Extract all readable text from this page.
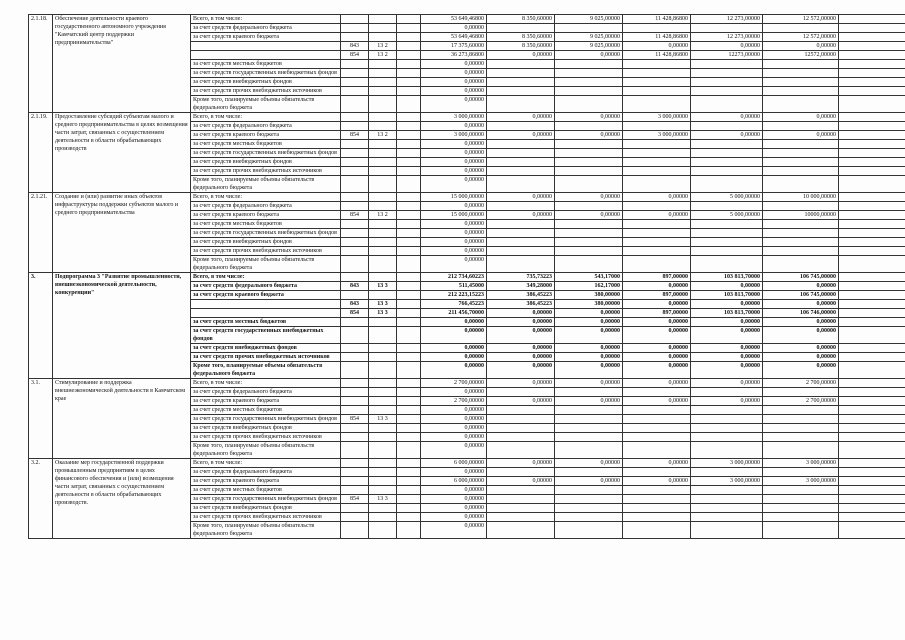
2.1.18.	Обеспечение деятельности краевого государственного автономного учреждения "Камчатский центр поддержки предпринимательства"	Всего, в том числе:				53 649,46800	8 350,60000	9 025,00000	11 428,86800	12 273,00000	12 572,00000	
		за счет средств федерального бюджета				0,00000						
		за счет средств краевого бюджета				53 649,46800	8 350,60000	9 025,00000	11 428,86800	12 273,00000	12 572,00000	
			843	13 2		17 375,60000	8 350,60000	9 025,00000	0,00000	0,00000	0,00000	
			854	13 2		36 273,86800	0,00000	0,00000	11 428,86800	12273,00000	12572,00000	
		за счет средств местных бюджетов				0,00000						
		за счет средств государственных внебюджетных фондов				0,00000						
		за счет средств внебюджетных фондов				0,00000						
		за счет средств прочих внебюджетных источников				0,00000						
		Кроме того, планируемые объемы обязательств федерального бюджета				0,00000						
2.1.19.	Предоставление субсидий субъектам малого и среднего предпринимательства в целях возмещения части затрат, связанных с осуществлением деятельности в области обрабатывающих производств	Всего, в том числе:				3 000,00000	0,00000	0,00000	3 000,00000	0,00000	0,00000	
		за счет средств федерального бюджета				0,00000						
		за счет средств краевого бюджета	854	13 2		3 000,00000	0,00000	0,00000	3 000,00000	0,00000	0,00000	
		за счет средств местных бюджетов				0,00000						
		за счет средств государственных внебюджетных фондов				0,00000						
		за счет средств внебюджетных фондов				0,00000						
		за счет средств прочих внебюджетных источников				0,00000						
		Кроме того, планируемые объемы обязательств федерального бюджета				0,00000						
2.1.21.	Создание и (или) развитие иных объектов инфраструктуры поддержки субъектов малого и среднего предпринимательства	Всего, в том числе:				15 000,00000	0,00000	0,00000	0,00000	5 000,00000	10 000,00000	
		за счет средств федерального бюджета				0,00000						
		за счет средств краевого бюджета	854	13 2		15 000,00000	0,00000	0,00000	0,00000	5 000,00000	10000,00000	
		за счет средств местных бюджетов				0,00000						
		за счет средств государственных внебюджетных фондов				0,00000						
		за счет средств внебюджетных фондов				0,00000						
		за счет средств прочих внебюджетных источников				0,00000						
		Кроме того, планируемые объемы обязательств федерального бюджета				0,00000						
3.	Подпрограмма 3 "Развитие промышленности, внешнеэкономической деятельности, конкуренции"	Всего, в том числе:				212 734,60223	735,73223	543,17000	897,00000	103 813,70000	106 745,00000	
		за счет средств федерального бюджета	843	13 3		511,45000	349,28000	162,17000	0,00000	0,00000	0,00000	
		за счет средств краевого бюджета				212 223,15223	386,45223	380,00000	897,00000	103 813,70000	106 745,00000	
			843	13 3		766,45223	386,45223	380,00000	0,00000	0,00000	0,00000	
			854	13 3		211 456,70000	0,00000	0,00000	897,00000	103 813,70000	106 746,00000	
		за счет средств местных бюджетов				0,00000	0,00000	0,00000	0,00000	0,00000	0,00000	
		за счет средств государственных внебюджетных фондов				0,00000	0,00000	0,00000	0,00000	0,00000	0,00000	
		за счет средств внебюджетных фондов				0,00000	0,00000	0,00000	0,00000	0,00000	0,00000	
		за счет средств прочих внебюджетных источников				0,00000	0,00000	0,00000	0,00000	0,00000	0,00000	
		Кроме того, планируемые объемы обязательств федерального бюджета				0,00000	0,00000	0,00000	0,00000	0,00000	0,00000	
3.1.	Стимулирование и поддержка внешнеэкономической деятельности в Камчатском крае	Всего, в том числе:				2 700,00000	0,00000	0,00000	0,00000	0,00000	2 700,00000	
		за счет средств федерального бюджета				0,00000						
		за счет средств краевого бюджета				2 700,00000	0,00000	0,00000	0,00000	0,00000	2 700,00000	
		за счет средств местных бюджетов				0,00000						
		за счет средств государственных внебюджетных фондов	854	13 3		0,00000						
		за счет средств внебюджетных фондов				0,00000						
		за счет средств прочих внебюджетных источников				0,00000						
		Кроме того, планируемые объемы обязательств федерального бюджета				0,00000						
3.2.	Оказание мер государственной поддержки промышленным предприятиям в целях финансового обеспечения и (или) возмещения части затрат, связанных с осуществлением деятельности в области обрабатывающих производств.	Всего, в том числе:				6 000,00000	0,00000	0,00000	0,00000	3 000,00000	3 000,00000	
		за счет средств федерального бюджета				0,00000						
		за счет средств краевого бюджета				6 000,00000	0,00000	0,00000	0,00000	3 000,00000	3 000,00000	
		за счет средств местных бюджетов				0,00000						
		за счет средств государственных внебюджетных фондов	854	13 3		0,00000						
		за счет средств внебюджетных фондов				0,00000						
		за счет средств прочих внебюджетных источников				0,00000						
		Кроме того, планируемые объемы обязательств федерального бюджета				0,00000						
